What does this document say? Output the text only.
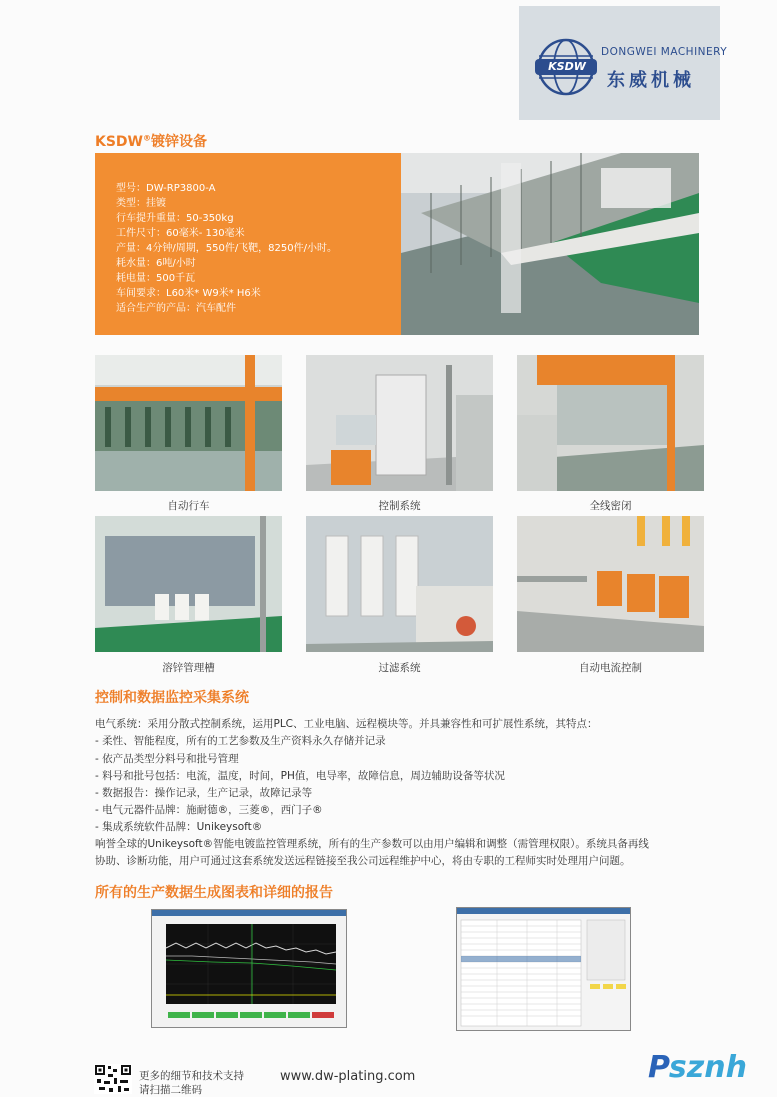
KSDW
DONGWEI MACHINERY
东威机械
KSDW®镀锌设备
型号：DW-RP3800-A
类型：挂镀
行车提升重量：50-350kg
工件尺寸：60毫米- 130毫米
产量：4分钟/周期，550件/飞靶，8250件/小时。
耗水量：6吨/小时
耗电量：500千瓦
车间要求：L60米* W9米* H6米
适合生产的产品：汽车配件
自动行车	控制系统	全线密闭
溶锌管理槽	过滤系统	自动电流控制
控制和数据监控采集系统
电气系统：采用分散式控制系统，运用PLC、工业电脑、远程模块等。并具兼容性和可扩展性系统，其特点：
- 柔性、智能程度，所有的工艺参数及生产资料永久存储并记录
- 依产品类型分料号和批号管理
- 料号和批号包括：电流，温度，时间，PH值，电导率，故障信息，周边辅助设备等状况
- 数据报告：操作记录，生产记录，故障记录等
- 电气元器件品牌：施耐德®，三菱®，西门子®
- 集成系统软件品牌：Unikeysoft®
响誉全球的Unikeysoft®智能电镀监控管理系统，所有的生产参数可以由用户编辑和调整（需管理权限）。系统具备再线
协助、诊断功能，用户可通过这套系统发送远程链接至我公司远程维护中心，将由专职的工程师实时处理用户问题。
所有的生产数据生成图表和详细的报告
更多的细节和技术支持
请扫描二维码
www.dw-plating.com	Psznh
